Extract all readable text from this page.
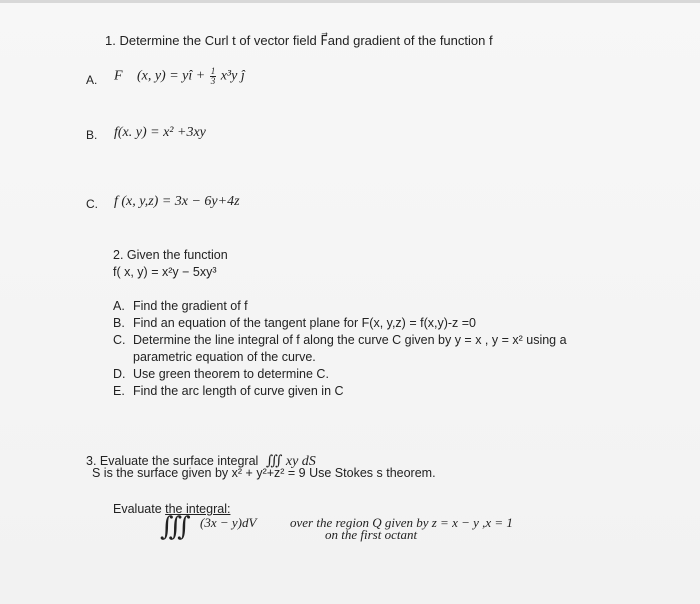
1. Determine the Curl t of vector field F⃗and gradient of the function f
A. F⃗ (x, y) = yî + $\frac{1}{3} x^3y$ ĵ
B. f(x. y) = x² +3xy
C. f (x, y,z) = 3x − 6y+4z
2. Given the function
f( x, y) = x²y − 5xy³
A. Find the gradient of f
B. Find an equation of the tangent plane for F(x, y,z) = f(x,y)-z =0
C. Determine the line integral of f along the curve C given by y = x , y = x² using a
parametric equation of the curve.
D. Use green theorem to determine C.
E. Find the arc length of curve given in C
3. Evaluate the surface integral ∭ xy dS
S is the surface given by x² + y²+z² = 9 Use Stokes s theorem.
Evaluate the integral:
∭ (3x − y)dV	over the region Q given by z = x − y ,x = 1
on the first octant
